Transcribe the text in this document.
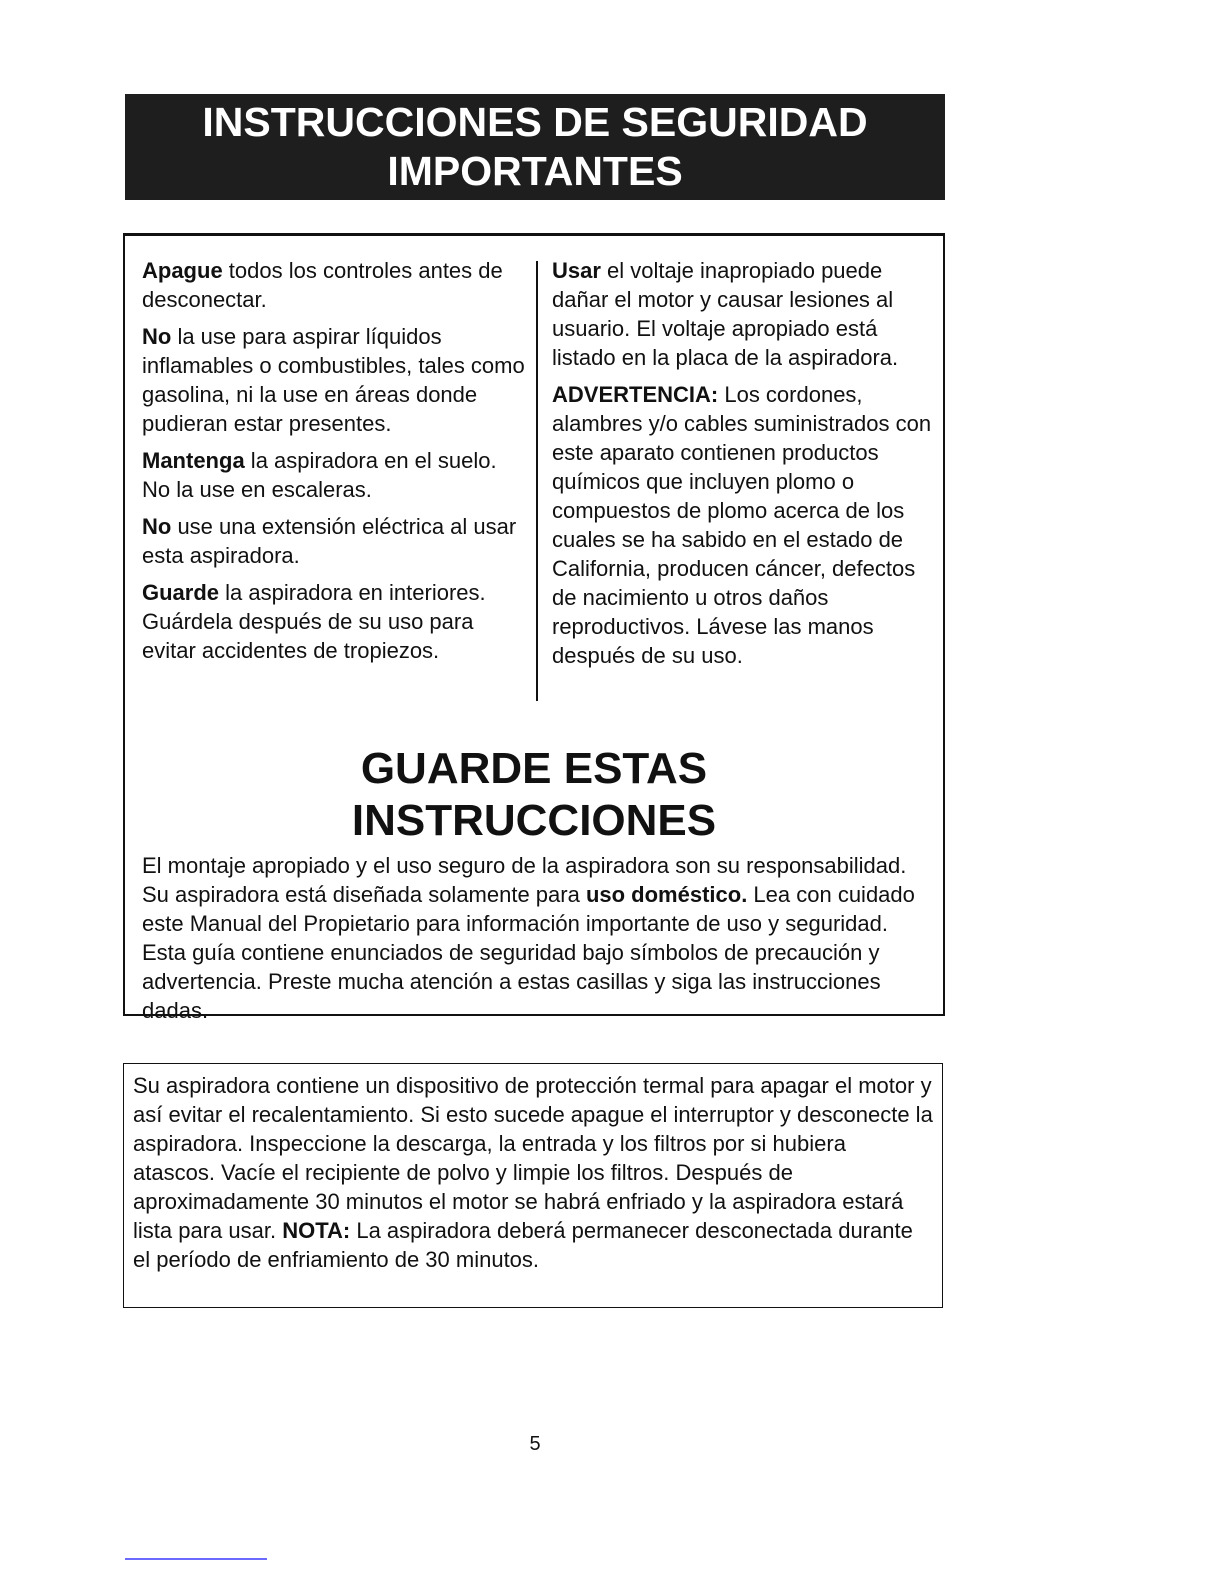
INSTRUCCIONES DE SEGURIDAD
IMPORTANTES

Apague todos los controles antes de desconectar.

No la use para aspirar líquidos inflamables o combustibles, tales como gasolina, ni la use en áreas donde pudieran estar presentes.

Mantenga la aspiradora en el suelo. No la use en escaleras.

No use una extensión eléctrica al usar esta aspiradora.

Guarde la aspiradora en interiores. Guárdela después de su uso para evitar accidentes de tropiezos.

Usar el voltaje inapropiado puede dañar el motor y causar lesiones al usuario. El voltaje apropiado está listado en la placa de la aspiradora.

ADVERTENCIA: Los cordones, alambres y/o cables suministrados con este aparato contienen productos químicos que incluyen plomo o compuestos de plomo acerca de los cuales se ha sabido en el estado de California, producen cáncer, defectos de nacimiento u otros daños reproductivos. Lávese las manos después de su uso.

GUARDE ESTAS
INSTRUCCIONES
El montaje apropiado y el uso seguro de la aspiradora son su responsabilidad. Su aspiradora está diseñada solamente para uso doméstico. Lea con cuidado este Manual del Propietario para información importante de uso y seguridad. Esta guía contiene enunciados de seguridad bajo símbolos de precaución y advertencia. Preste mucha atención a estas casillas y siga las instrucciones dadas.
Su aspiradora contiene un dispositivo de protección termal para apagar el motor y así evitar el recalentamiento. Si esto sucede apague el interruptor y desconecte la aspiradora. Inspeccione la descarga, la entrada y los filtros por si hubiera atascos. Vacíe el recipiente de polvo y limpie los filtros. Después de aproximadamente 30 minutos el motor se habrá enfriado y la aspiradora estará lista para usar. NOTA: La aspiradora deberá permanecer desconectada durante el período de enfriamiento de 30 minutos.
5
